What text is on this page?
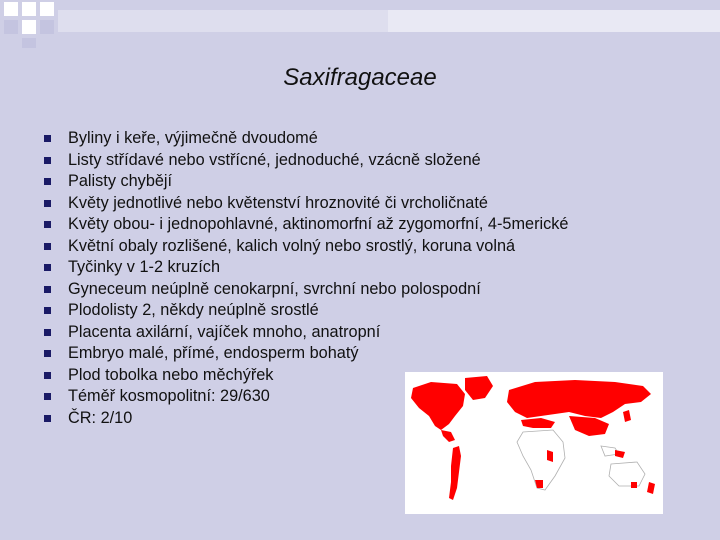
Saxifragaceae
Byliny i keře, výjimečně dvoudomé
Listy střídavé nebo vstřícné, jednoduché, vzácně složené
Palisty chybějí
Květy jednotlivé nebo květenství hroznovité či vrcholičnaté
Květy obou- i jednopohlavné, aktinomorfní až zygomorfní, 4-5merické
Květní obaly rozlišené, kalich volný nebo srostlý, koruna volná
Tyčinky v 1-2 kruzích
Gyneceum neúplně cenokarpní, svrchní nebo polospodní
Plodolisty 2, někdy neúplně srostlé
Placenta axilární, vajíček mnoho, anatropní
Embryo malé, přímé, endosperm bohatý
Plod tobolka nebo měchýřek
Téměř kosmopolitní: 29/630
ČR: 2/10
